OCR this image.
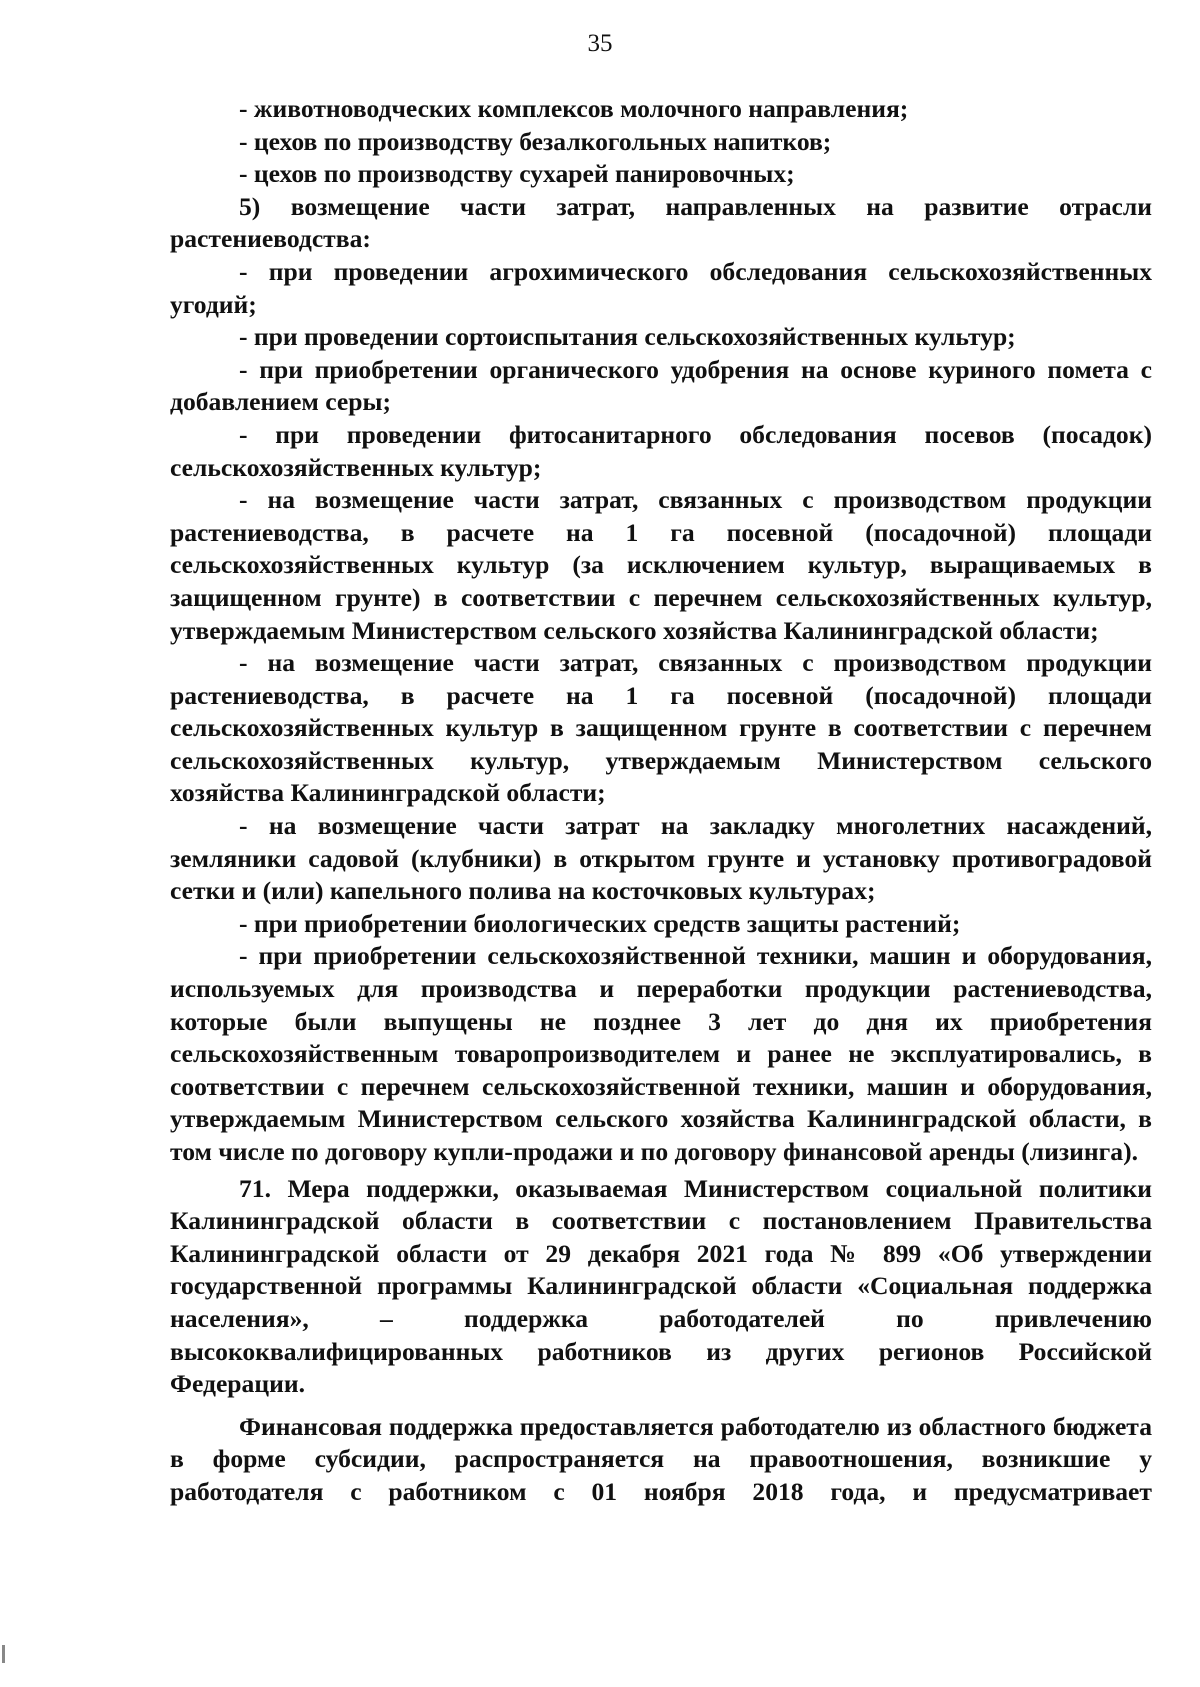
35

- животноводческих комплексов молочного направления;

- цехов по производству безалкогольных напитков;

- цехов по производству сухарей панировочных;

5) возмещение части затрат, направленных на развитие отрасли растениеводства:

- при проведении агрохимического обследования сельскохозяйственных угодий;

- при проведении сортоиспытания сельскохозяйственных культур;

- при приобретении органического удобрения на основе куриного помета с добавлением серы;

- при проведении фитосанитарного обследования посевов (посадок) сельскохозяйственных культур;

- на возмещение части затрат, связанных с производством продукции растениеводства, в расчете на 1 га посевной (посадочной) площади сельскохозяйственных культур (за исключением культур, выращиваемых в защищенном грунте) в соответствии с перечнем сельскохозяйственных культур, утверждаемым Министерством сельского хозяйства Калининградской области;

- на возмещение части затрат, связанных с производством продукции растениеводства, в расчете на 1 га посевной (посадочной) площади сельскохозяйственных культур в защищенном грунте в соответствии с перечнем сельскохозяйственных культур, утверждаемым Министерством сельского хозяйства Калининградской области;

- на возмещение части затрат на закладку многолетних насаждений, земляники садовой (клубники) в открытом грунте и установку противоградовой сетки и (или) капельного полива на косточковых культурах;

- при приобретении биологических средств защиты растений;

- при приобретении сельскохозяйственной техники, машин и оборудования, используемых для производства и переработки продукции растениеводства, которые были выпущены не позднее 3 лет до дня их приобретения сельскохозяйственным товаропроизводителем и ранее не эксплуатировались, в соответствии с перечнем сельскохозяйственной техники, машин и оборудования, утверждаемым Министерством сельского хозяйства Калининградской области, в том числе по договору купли-продажи и по договору финансовой аренды (лизинга).

71. Мера поддержки, оказываемая Министерством социальной политики Калининградской области в соответствии с постановлением Правительства Калининградской области от 29 декабря 2021 года № 899 «Об утверждении государственной программы Калининградской области «Социальная поддержка населения», – поддержка работодателей по привлечению высококвалифицированных работников из других регионов Российской Федерации.

Финансовая поддержка предоставляется работодателю из областного бюджета в форме субсидии, распространяется на правоотношения, возникшие у работодателя с работником с 01 ноября 2018 года, и предусматривает
